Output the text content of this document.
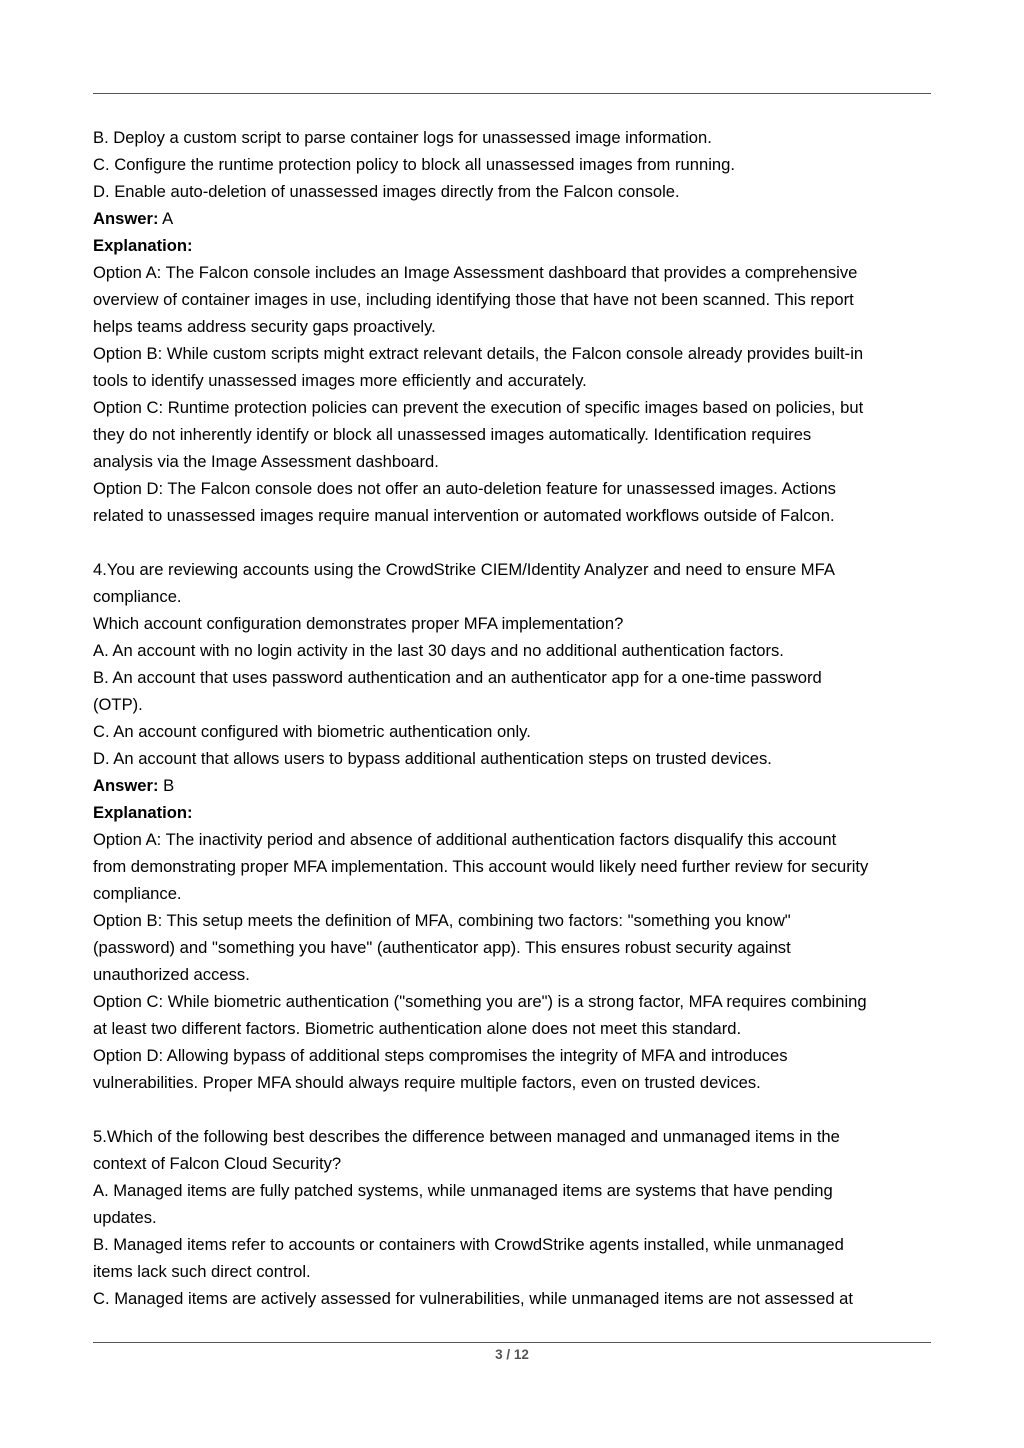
B. Deploy a custom script to parse container logs for unassessed image information.
C. Configure the runtime protection policy to block all unassessed images from running.
D. Enable auto-deletion of unassessed images directly from the Falcon console.
Answer: A
Explanation:
Option A: The Falcon console includes an Image Assessment dashboard that provides a comprehensive
overview of container images in use, including identifying those that have not been scanned. This report
helps teams address security gaps proactively.
Option B: While custom scripts might extract relevant details, the Falcon console already provides built-in
tools to identify unassessed images more efficiently and accurately.
Option C: Runtime protection policies can prevent the execution of specific images based on policies, but
they do not inherently identify or block all unassessed images automatically. Identification requires
analysis via the Image Assessment dashboard.
Option D: The Falcon console does not offer an auto-deletion feature for unassessed images. Actions
related to unassessed images require manual intervention or automated workflows outside of Falcon.
4.You are reviewing accounts using the CrowdStrike CIEM/Identity Analyzer and need to ensure MFA
compliance.
Which account configuration demonstrates proper MFA implementation?
A. An account with no login activity in the last 30 days and no additional authentication factors.
B. An account that uses password authentication and an authenticator app for a one-time password
(OTP).
C. An account configured with biometric authentication only.
D. An account that allows users to bypass additional authentication steps on trusted devices.
Answer: B
Explanation:
Option A: The inactivity period and absence of additional authentication factors disqualify this account
from demonstrating proper MFA implementation. This account would likely need further review for security
compliance.
Option B: This setup meets the definition of MFA, combining two factors: "something you know"
(password) and "something you have" (authenticator app). This ensures robust security against
unauthorized access.
Option C: While biometric authentication ("something you are") is a strong factor, MFA requires combining
at least two different factors. Biometric authentication alone does not meet this standard.
Option D: Allowing bypass of additional steps compromises the integrity of MFA and introduces
vulnerabilities. Proper MFA should always require multiple factors, even on trusted devices.
5.Which of the following best describes the difference between managed and unmanaged items in the
context of Falcon Cloud Security?
A. Managed items are fully patched systems, while unmanaged items are systems that have pending
updates.
B. Managed items refer to accounts or containers with CrowdStrike agents installed, while unmanaged
items lack such direct control.
C. Managed items are actively assessed for vulnerabilities, while unmanaged items are not assessed at
3 / 12
